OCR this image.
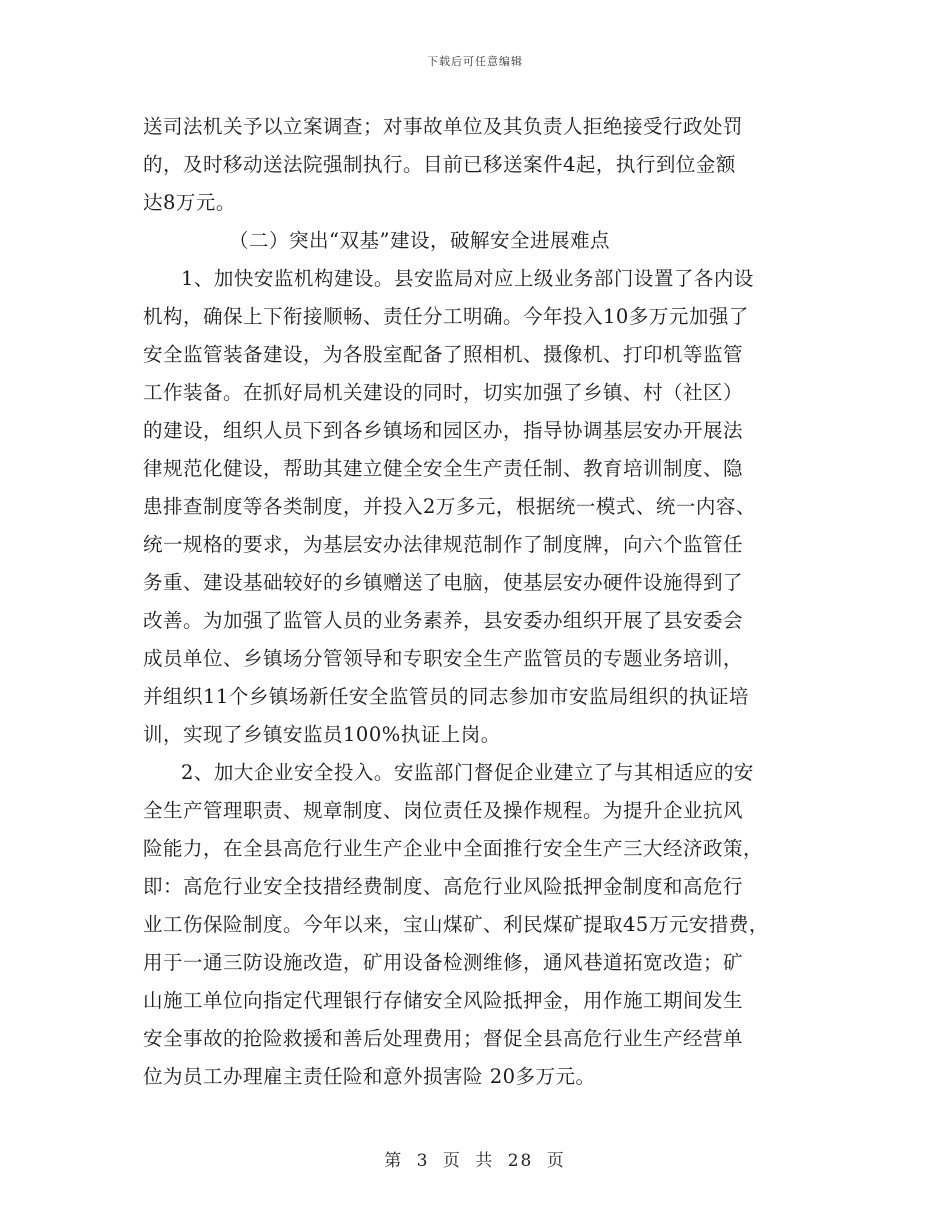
下载后可任意编辑
送司法机关予以立案调查；对事故单位及其负责人拒绝接受行政处罚
的，及时移动送法院强制执行。目前已移送案件4起，执行到位金额
达8万元。
（二）突出“双基”建设，破解安全进展难点
1、加快安监机构建设。县安监局对应上级业务部门设置了各内设
机构，确保上下衔接顺畅、责任分工明确。今年投入10多万元加强了
安全监管装备建设，为各股室配备了照相机、摄像机、打印机等监管
工作装备。在抓好局机关建设的同时，切实加强了乡镇、村（社区）
的建设，组织人员下到各乡镇场和园区办，指导协调基层安办开展法
律规范化健设，帮助其建立健全安全生产责任制、教育培训制度、隐
患排查制度等各类制度，并投入2万多元，根据统一模式、统一内容、
统一规格的要求，为基层安办法律规范制作了制度牌，向六个监管任
务重、建设基础较好的乡镇赠送了电脑，使基层安办硬件设施得到了
改善。为加强了监管人员的业务素养，县安委办组织开展了县安委会
成员单位、乡镇场分管领导和专职安全生产监管员的专题业务培训，
并组织11个乡镇场新任安全监管员的同志参加市安监局组织的执证培
训，实现了乡镇安监员100%执证上岗。
2、加大企业安全投入。安监部门督促企业建立了与其相适应的安
全生产管理职责、规章制度、岗位责任及操作规程。为提升企业抗风
险能力，在全县高危行业生产企业中全面推行安全生产三大经济政策，
即：高危行业安全技措经费制度、高危行业风险抵押金制度和高危行
业工伤保险制度。今年以来，宝山煤矿、利民煤矿提取45万元安措费，
用于一通三防设施改造，矿用设备检测维修，通风巷道拓宽改造；矿
山施工单位向指定代理银行存储安全风险抵押金，用作施工期间发生
安全事故的抢险救援和善后处理费用；督促全县高危行业生产经营单
位为员工办理雇主责任险和意外损害险 20多万元。
第 3 页 共 28 页
